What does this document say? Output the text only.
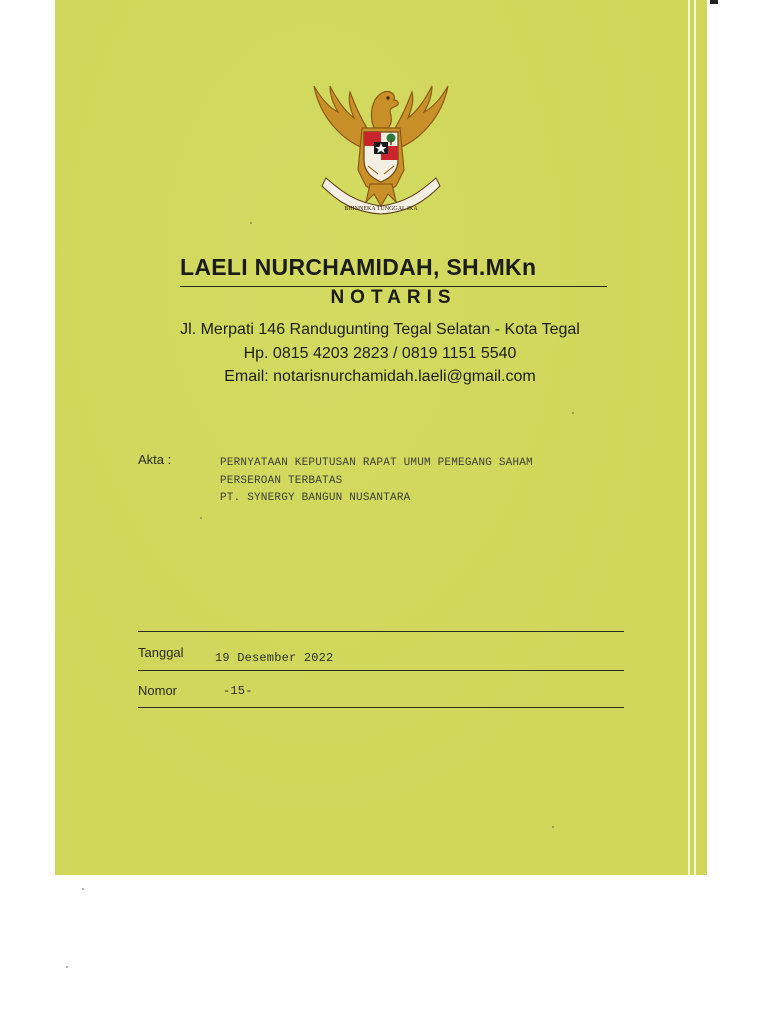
BHINNEKA TUNGGAL IKA
LAELI NURCHAMIDAH, SH.MKn
NOTARIS
Jl. Merpati 146 Randugunting Tegal Selatan - Kota Tegal
Hp. 0815 4203 2823 / 0819 1151 5540
Email: notarisnurchamidah.laeli@gmail.com
Akta :	PERNYATAAN KEPUTUSAN RAPAT UMUM PEMEGANG SAHAM
PERSEROAN TERBATAS
PT. SYNERGY BANGUN NUSANTARA
Tanggal	19 Desember 2022
Nomor	-15-
